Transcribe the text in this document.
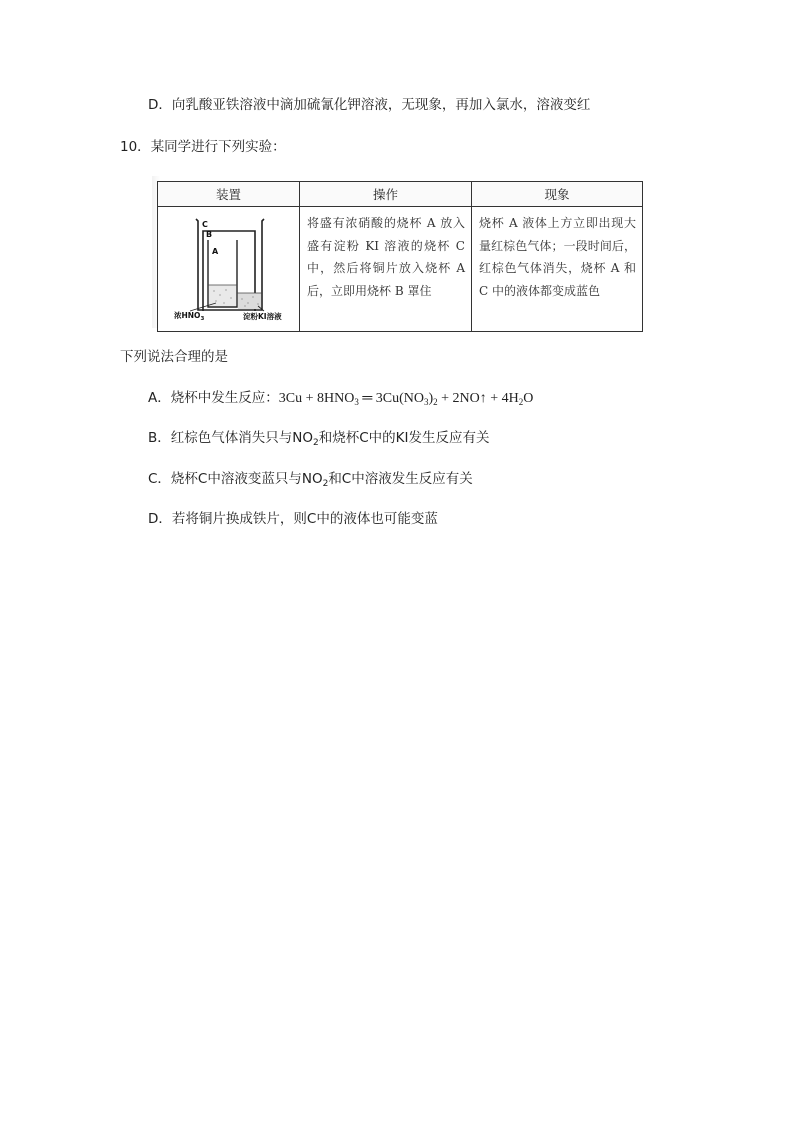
D．向乳酸亚铁溶液中滴加硫氰化钾溶液，无现象，再加入氯水，溶液变红
10．某同学进行下列实验：
装置	操作	现象

C
B
A
浓$HNO_3$ 淀粉KI溶液	将盛有浓硝酸的烧杯 A 放入盛有淀粉 KI 溶液的烧杯 C 中，然后将铜片放入烧杯 A 后，立即用烧杯 B 罩住	烧杯 A 液体上方立即出现大量红棕色气体；一段时间后，红棕色气体消失，烧杯 A 和 C 中的液体都变成蓝色
下列说法合理的是
A．烧杯中发生反应：$3Cu + 8HNO_3$ ═ $3Cu(NO_3)_2$ + 2NO↑ + $4H_2O$
B．红棕色气体消失只与$NO_2$和烧杯C中的KI发生反应有关
C．烧杯C中溶液变蓝只与$NO_2$和C中溶液发生反应有关
D．若将铜片换成铁片，则C中的液体也可能变蓝
